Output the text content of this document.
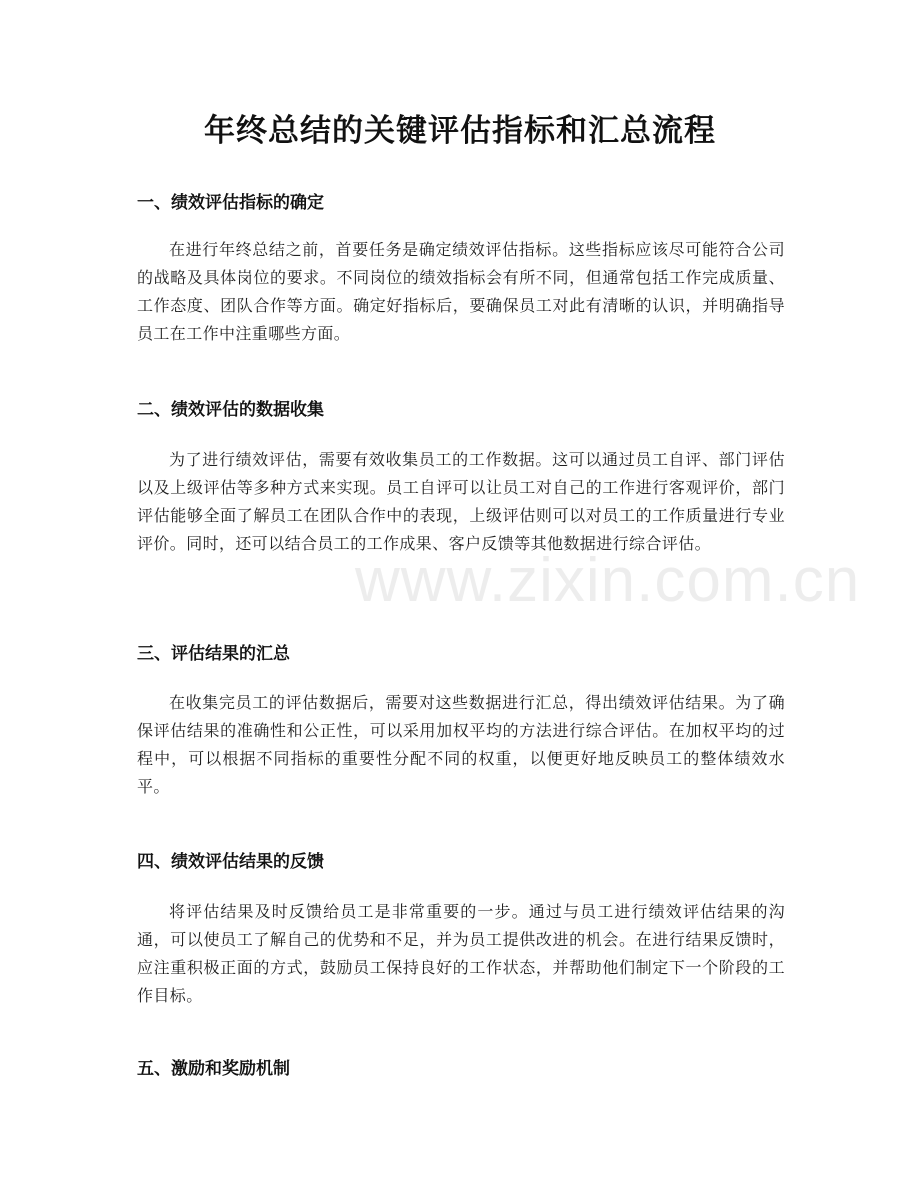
年终总结的关键评估指标和汇总流程
一、绩效评估指标的确定
在进行年终总结之前，首要任务是确定绩效评估指标。这些指标应该尽可能符合公司的战略及具体岗位的要求。不同岗位的绩效指标会有所不同，但通常包括工作完成质量、工作态度、团队合作等方面。确定好指标后，要确保员工对此有清晰的认识，并明确指导员工在工作中注重哪些方面。
二、绩效评估的数据收集
为了进行绩效评估，需要有效收集员工的工作数据。这可以通过员工自评、部门评估以及上级评估等多种方式来实现。员工自评可以让员工对自己的工作进行客观评价，部门评估能够全面了解员工在团队合作中的表现，上级评估则可以对员工的工作质量进行专业评价。同时，还可以结合员工的工作成果、客户反馈等其他数据进行综合评估。
三、评估结果的汇总
在收集完员工的评估数据后，需要对这些数据进行汇总，得出绩效评估结果。为了确保评估结果的准确性和公正性，可以采用加权平均的方法进行综合评估。在加权平均的过程中，可以根据不同指标的重要性分配不同的权重，以便更好地反映员工的整体绩效水平。
四、绩效评估结果的反馈
将评估结果及时反馈给员工是非常重要的一步。通过与员工进行绩效评估结果的沟通，可以使员工了解自己的优势和不足，并为员工提供改进的机会。在进行结果反馈时，应注重积极正面的方式，鼓励员工保持良好的工作状态，并帮助他们制定下一个阶段的工作目标。
五、激励和奖励机制
www.zixin.com.cn
